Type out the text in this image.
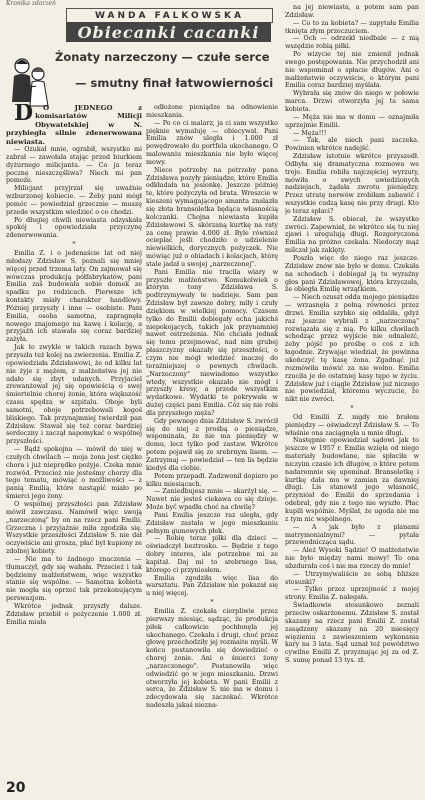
Kronika zdarzeń
WANDA FALKOWSKA
Obiecanki cacanki
Żonaty narzeczony — czułe serce
— smutny finał łatwowierności

D O JEDNEGO z komisariatów Milicji Obywatelskiej w N. przybiegła silnie zdenerwowana niewiasta.

— Ozukał mnie, ograbił, wszystko mi zabrał — zawołała stając przed biurkiem dyżurnego milicjanta. — Co ja teraz pocznę nieszczęśliwa? Niech mi pan pomoże.

Milicjant przyjrzał się uważnie wzburzonej kobiecie. — Żeby pani mógł pomóc — powiedział grzecznie — muszę przede wszystkim wiedzieć o co chodzi.

Po długiej chwili niewiasta odzyskała spokój i opowiedziała przyczynę zdenerwowania.

*

Emilia Z. i o jedenaście lat od niej młodszy Zdzisław S. poznali się mniej więcej przed trzema laty. On zajmował się wówczas produkcją półfabrykatów, pani Emilia zaś budowała sobie domek ze spadku po rodzicach. Pierwsze ich kontakty miały charakter handlowy. Później przyszły i inne — osobiste. Pani Emilia, osoba samotna, zapragnęła nowego znajomego na kawę i kolację, a przyjaźń ich stawała się coraz bardziej zażyła.

Jak to zwykle w takich razach bywa przyszła też kolej na zwierzenia. Emilia Z. opowiedziała Zdzisławowi, że od kilku lat nie żyje z mężem, z małżeństwa jej nie udało się zbyt udanych. Przyjaciel zrewanżował jej się opowieścią o swej śmiertelnie chorej żonie, która większość czasu spędza w szpitalu. Oboje byli samotni, oboje potrzebowali kogoś bliskiego. Tak przynajmniej twierdził pan Zdzisław. Stawał się też coraz bardziej serdeczny i zaczął napomykać o wspólnej przyszłości.

— Bądź spokojna — mówił do niej w czułych chwilach — moja żona jest ciężko chora i już nieprędko pożyje. Czeka mnie rozwód. Przecież nie jesteśmy chorzy dla tego tematu, mówiąc o możliwości — z panią Emilią, które nastąpić miało po śmierci jego żony.

O wspólnej przyszłości pan Zdzisław mówił zawczasu. Namówił więc swoją „narzeczoną" by on na rzecz pani Emilii. Grzeczna i przyjaźnie miła zgodziła się. Wszystkie przeszłości Zdzisław S. nie dał oczywiście ani grosza, płać był kupiony ze zdolnej kobiety.

— Nie ma to żadnego znaczenia — tłumaczył, gdy się wahała. Przecież i tak będziemy małżeństwem, więc wszystko stanie się wspólne. — Samotna kobieta nie mogła się oprzeć tak przekonującym perswazjom.

Wkrótce jednak przyszły dalsze. Zdzisław przebił o pożyczenie 1.000 zł. Emilia miała

odłożone pieniądze na odnowienie mieszkania.

— Po co ci malarz, ja ci sam wszystko pięknie wymaluję — obiecywał. Pani Emilia znów uległa i 1.000 zł powędrowało do portfela ukochanego. O malowaniu mieszkania nie było więcej mowy.

Niece potrzeby na potrzeby pana Zdzisława pozyły pieniądze, które Emilia odkładała na jesionkę. Jeszcze później te, które pożyczyła od brata. Wreszcie w kieszeni wymagającego amanta znalazła się złota bransoletka będąca własnością kolczanki. Chojna niewiasta kupiła Zdzisławowi S. skórzaną kurtkę na raty za cenę prawie 4.000 zł. Byle również ocieplać jeśli chodziło o udzielenie niewielkich, dorycznych pożyczek. Nie mówiąc już o obiadach i kolacjach, którę stale jadał u swojej „narzeczonej".

Pani Emilia nie tracila wiary w przyszłe małżeństwo. Komukolwiek o którym tony Zdzisława S. podtrzymywały te nadzieje. Sam pan Zdzisław był zawsze dobry, miły i czuły dziękiom w wielkiej pomocy. Czasem tylko do Emilii dobiegały echa jakichś niepokojących, takich jak przynamniej nawet ostrzeżenia. Nie chciała jednak się temu przejmować, nad nim grubej płaszczyzny okazały się przeszłości, o czym nie mógł wiedzieć inaczej do teraźniejszej o pewnych chwilach. „Narzeczony" niewiadomo wszystko wtedy, wszystkie okazało nie mógł i przyszły kresy, a przede wszystkim wydatkowe. Wydatki te pokrywała w dużej części pani Emilia. Cóż się nie robi dla przyszłego męża?

Gdy pewnego dnia Zdzisław S. zwrócił się do niej z prośbą o pieniądze, wspominała, że nie ma pieniędzy w domu, lecz tylko pod zastaw. Wkrótce potem pojawił się ze srebrnym lisem. — Zatrzymaj — powiedział — ten lis będzie kiedyś dla ciebie.

Potem przepadł. Zadzwonił dopiero po kilku miesiącach.

— Zaniedbujesz mnie — skarżył się. — Nawet nie jesteś ciekawa co się dzieje. Może być wpadła choć na chwilę?

Pani Emilia jeszcze raz uległa, gdy Zdzisław zastała w jego mieszkaniu pełnym gumowych płek.

— Robię teraz piłki dla dzieci — oświadczył beztrosko. — Będzie z tego dobry interes, ale potrzebne mi ze kapitał. Daj mi to srebrnego lisa, którego ci przyniosłem.

Emilia zgodziła więc lisa do warsztatu. Pan Zdzisław nie pokazał się u niej więcej.

*

Emilia Z. czekała cierpliwie przez pierwszy miesiąc, sądząc, że produkcja piłek całkowicie pochłonęła jej ukochanego. Czekała i drugi, choć przez głowę przechodziły jej rozmaite myśli. W końcu postanowiła się dowiedzieć o chorej żonie. Ani o śmierci żony „narzeczonego". Postanowiła więc odwiedzić go w jego mieszkaniu. Drzwi otworzyła jej kobieta. W pani Emilii z serca, że Zdzisław S. nie ma w domu i zdecydowała się zaczekać. Wkrótce nadeszła jakaś niezna-

na jej niewiasta, a potem sam pan Zdzisław.

— Co to za kobieta? — zapytała Emilia tknięta złym przeczuciem.

— Och — odrzekł niedbale — z nią wszędzie robią piłki.

Po wizycie tej nie zmienił jednak swego postępowania. Nie przychodził ani nie wspominał o spłacie długów. Ani o małżeństwie oczywiście, o którym pani Emilia coraz bardziej myślała.

Wybrała się znów do niego w połowie marca. Drzwi otworzyła jej ta sama kobieta.

— Męża nie ma w domu — oznajmiła uprzejmie Emilii.

— Męża!!!

— Tak, ale niech pani zaczeka. Powinien wkrótce nadejść.

Zdzisław istotnie wkrótce przyszedł. Odbyła się dramatyczna rozmowa we troje. Emilia robiła najczęściej wyrzuty, mówiła o swych uwiedzionych nadziejach, żądała zwrotu pieniędzy. Przez utratę nerwów zrobiłam zabawić i wszystkie cudzą kasę nie przy drugi. Kto je teraz spłaci?

Zdzisław S. obiecał, że wszystko zwróci. Zapewniał, że wkrótce się tu niej zjawi i uregulują długi. Rozgoryczona Emilia na próżno czekała. Niedoczy mąż milczał jak zaklęty.

Poszła więc do niego raz jeszcze. Zdzisław znów nie było w domu. Czekała na schodach i dobiegał ją tu wyraźny głos pani Zdzisławowej, która krzyczała, że obiegła Emilię wrzątkiem.

— Niech ozuszt odda mojego pieniądze — wrzasnęła z pełną równości przez drzwi. Emilia szybko się oddaliła, gdyż raz jeszcze wybrali z „narzeczoną" rozwiązała się z nią. Po kilku chwilach schodząc przez wyjście nie odnaleźć, żeby pójść po prośbę o coś z ich łagodnie. Zrywając wiedział, że powinna ukończyć tę kasę żona. Zgadnąć już rozmówiła mówić za nie wolno. Emilia rzuciła je do ostatniej kasy tępo w życiu. Zdzisław już i ciągle Zdzisław już niczego nie powiedział, któremu wyczucie, że nikt nie zwróci.

*

Od Emilii Z. nigdy nie brałem pieniędzy — oświadczył Zdzisław S. — To właśnie ona zaciągnęła u mnie długi.

Następnie opowiedział sądowi jak to jeszcze w 1957 r. Emilia wzięła od niego materiały budowlane, nie spłaciła w niczyim czasie ich długów, o które potem nadaremnie się upominał. Bransoletkę i kurtkę dała mu w zamian za dawniej długi. Lis stanowił jego własność, przyniósł do Emilii do sprzedania i odebrał, gdy nie z tego nie wyszło. Płac kupili wspólnie. Myślał, że ugoda nie ma z tym nic wspólnego.

— A jak było z planami matrymonialnymi? — pytała przewodnicząca sądu.

— Ależ Wysoki Sądzie! O małżeństwie nie było między nami mowy! To ona ubzdurała coś i nie ma rzeczy do mnie!

— Utrzymywaliście ze sobą bliższe stosunki?

— Tylko przez uprzejmość z mojej strony. Emilia Z. nalegała.

Świadkowie stosunkowo zeznali przeciw oskarżonemu. Zdzisław S. został skazany na rzecz pani Emilii Z. został zasądzony skazany na 20 miesięcy więzienia z zawieszeniem wykonania kary na 3 lata. Sąd uznał też powództwo cywilne Emilii Z. przyznając jej za od Z. S. sumę ponad 13 tys. zł.

20
